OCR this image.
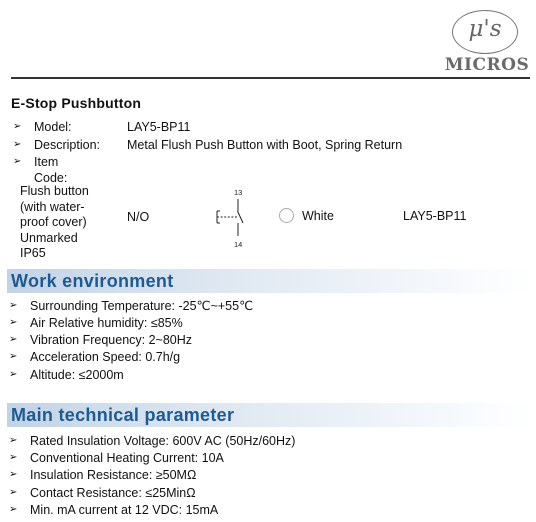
μ's
MICROS
E-Stop Pushbutton
➢ Model:	LAY5-BP11
➢ Description: Metal Flush Push Button with Boot, Spring Return
➢ Item Code:
Flush button
(with water-
proof cover)
Unmarked
IP65
N/O
13
14
White	LAY5-BP11
Work environment
➢ Surrounding Temperature: -25℃~+55℃
➢ Air Relative humidity: ≤85%
➢ Vibration Frequency: 2~80Hz
➢ Acceleration Speed: 0.7h/g
➢ Altitude: ≤2000m
Main technical parameter
➢ Rated Insulation Voltage: 600V AC (50Hz/60Hz)
➢ Conventional Heating Current: 10A
➢ Insulation Resistance: ≥50MΩ
➢ Contact Resistance: ≤25MinΩ
➢ Min. mA current at 12 VDC: 15mA
